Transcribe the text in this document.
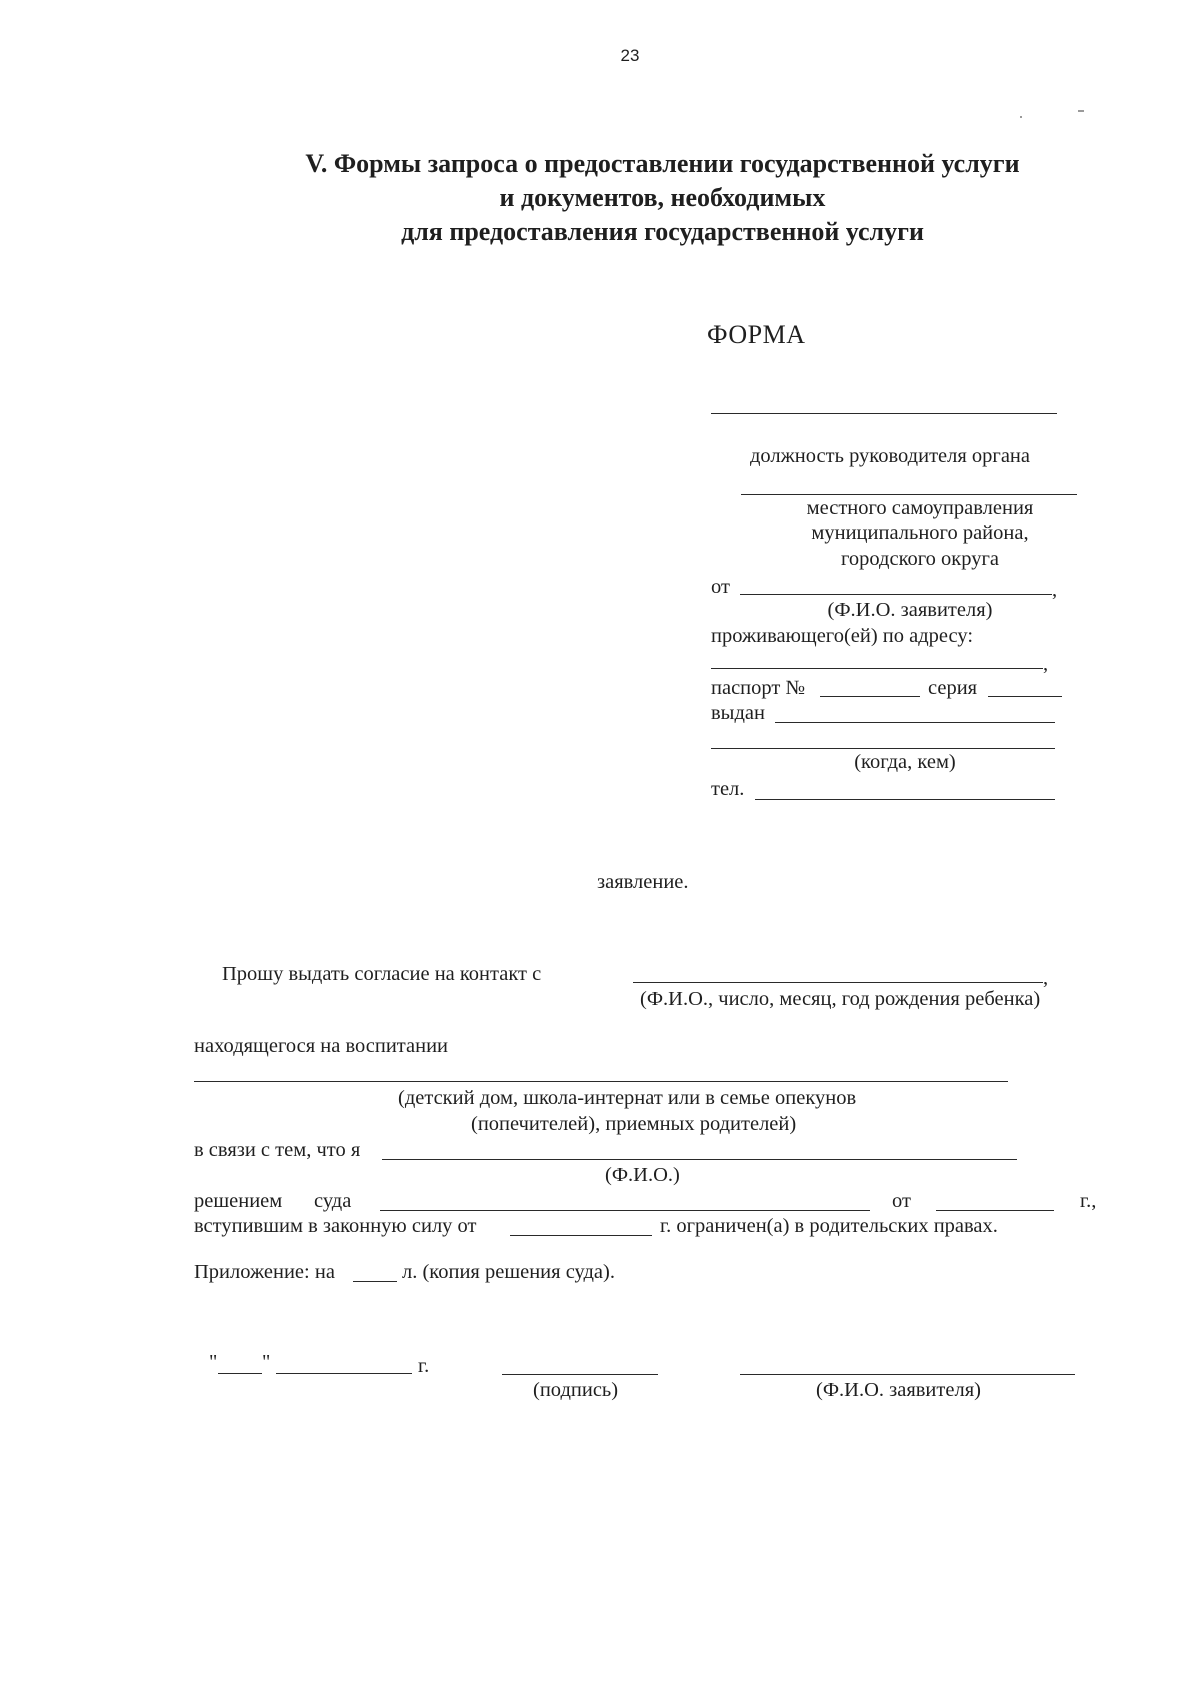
23
V. Формы запроса о предоставлении государственной услуги
и документов, необходимых
для предоставления государственной услуги
ФОРМА
должность руководителя органа
местного самоуправления
муниципального района,
городского округа
от	,
(Ф.И.О. заявителя)
проживающего(ей) по адресу:
,
паспорт №	серия
выдан
(когда, кем)
тел.
заявление.
Прошу выдать согласие на контакт с	,
(Ф.И.О., число, месяц, год рождения ребенка)
находящегося на воспитании
(детский дом, школа-интернат или в семье опекунов
(попечителей), приемных родителей)
в связи с тем, что я
(Ф.И.О.)
решением суда	от	г.,
вступившим в законную силу от	г. ограничен(а) в родительских правах.
Приложение: на	л. (копия решения суда).
" "	г.
(подпись)	(Ф.И.О. заявителя)
